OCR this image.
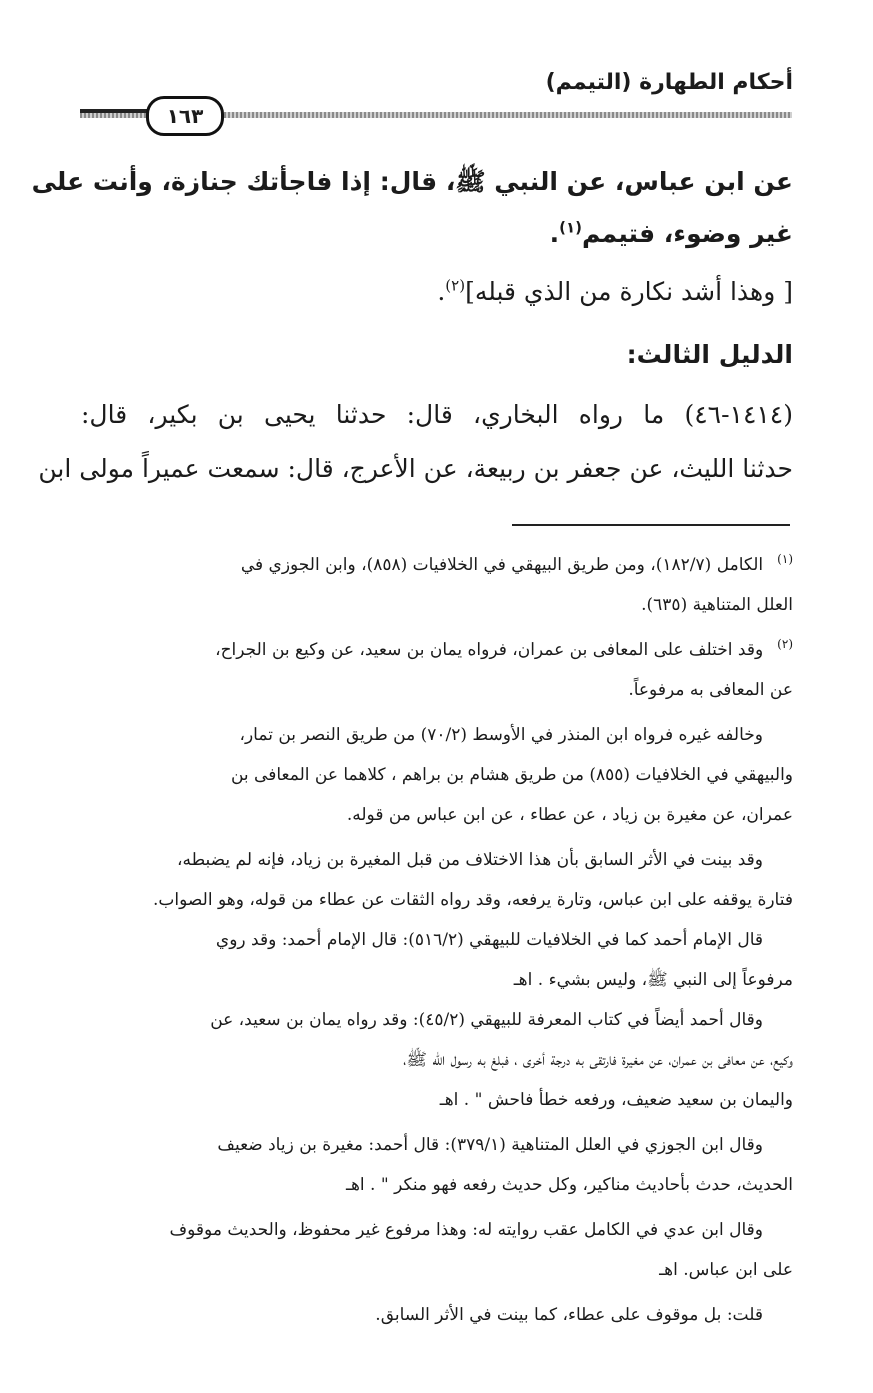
أحكام الطهارة (التيمم)
١٦٣
عن ابن عباس، عن النبي ﷺ، قال: إذا فاجأتك جنازة، وأنت على
غير وضوء، فتيمم$^{(١)}$.
[ وهذا أشد نكارة من الذي قبله]$^{(٢)}$.
الدليل الثالث:
(١٤١٤-٤٦) ما رواه البخاري، قال: حدثنا يحيى بن بكير، قال:
حدثنا الليث، عن جعفر بن ربيعة، عن الأعرج، قال: سمعت عميراً مولى ابن
$^{(١)}$الكامل (١٨٢/٧)، ومن طريق البيهقي في الخلافيات (٨٥٨)، وابن الجوزي في
العلل المتناهية (٦٣٥).
$^{(٢)}$وقد اختلف على المعافى بن عمران، فرواه يمان بن سعيد، عن وكيع بن الجراح،
عن المعافى به مرفوعاً.
وخالفه غيره فرواه ابن المنذر في الأوسط (٧٠/٢) من طريق النصر بن تمار،
والبيهقي في الخلافيات (٨٥٥) من طريق هشام بن براهم ، كلاهما عن المعافى بن
عمران، عن مغيرة بن زياد ، عن عطاء ، عن ابن عباس من قوله.
وقد بينت في الأثر السابق بأن هذا الاختلاف من قبل المغيرة بن زياد، فإنه لم يضبطه،
فتارة يوقفه على ابن عباس، وتارة يرفعه، وقد رواه الثقات عن عطاء من قوله، وهو الصواب.
قال الإمام أحمد كما في الخلافيات للبيهقي (٥١٦/٢): قال الإمام أحمد: وقد روي
مرفوعاً إلى النبي ﷺ، وليس بشيء . اهـ
وقال أحمد أيضاً في كتاب المعرفة للبيهقي (٤٥/٢): وقد رواه يمان بن سعيد، عن
وكيع، عن معافى بن عمران، عن مغيرة فارتقى به درجة أخرى ، فبلغ به رسول الله ﷺ،
واليمان بن سعيد ضعيف، ورفعه خطأ فاحش " . اهـ
وقال ابن الجوزي في العلل المتناهية (٣٧٩/١): قال أحمد: مغيرة بن زياد ضعيف
الحديث، حدث بأحاديث مناكير، وكل حديث رفعه فهو منكر " . اهـ
وقال ابن عدي في الكامل عقب روايته له: وهذا مرفوع غير محفوظ، والحديث موقوف
على ابن عباس. اهـ
قلت: بل موقوف على عطاء، كما بينت في الأثر السابق.
